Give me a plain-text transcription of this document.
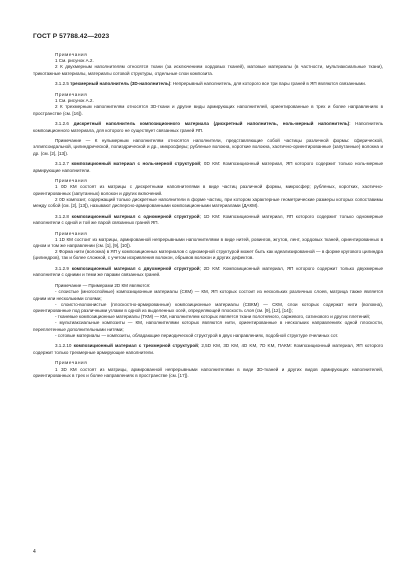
ГОСТ Р 57788.42—2023

Примечания

1 См. рисунок А.2.

2 К двухмерным наполнителям относятся ткани (за исключением хордовых тканей), матовые материалы (в частности, мультиаксиальные ткани), трикотажные материалы, материалы сотовой структуры, отдельные слои композита.

3.1.2.5 трехмерный наполнитель (3D-наполнитель): Непрерывный наполнитель, для которого все три пары граней в ЯП являются связанными.

Примечания

1 См. рисунок А.2.

2 К трехмерным наполнителям относятся 3D-ткани и другие виды армирующих наполнителей, ориентированные в трех и более направлениях в пространстве (см. [16]).

3.1.2.6 дискретный наполнитель композиционного материала (дискретный наполнитель, ноль-мерный наполнитель): Наполнитель композиционного материала, для которого не существует связанных граней ЯП.

Примечание — К нульмерным наполнителям относятся наполнители, представляющие собой частицы различной формы: сферической, эллипсоидальной, цилиндрической, полиэдрической и др., микросферы; рубленые волокна, короткие волокна, хаотично-ориентированные (запутанные) волокна и др. (см. [2], [13]).

3.1.2.7 композиционный материал с ноль-мерной структурой; 0D KM: Композиционный материал, ЯП которого содержит только ноль-мерные армирующие наполнители.

Примечания

1 0D КМ состоят из матрицы с дискретными наполнителями в виде частиц различной формы, микросфер; рубленых, коротких, хаотично-ориентированных (запутанных) волокон и других включений.

2 0D композит, содержащий только дискретные наполнители в форме частиц, при котором характерные геометрические размеры которых сопоставимы между собой (см. [2], [13]), называют дисперсно-армированными композиционными материалами (ДАКМ).

3.1.2.8 композиционный материал с одномерной структурой; 1D KM: Композиционный материал, ЯП которого содержит только одномерные наполнители с одной и той же парой связанных граней ЯП.

Примечания

1 1D КМ состоит из матрицы, армированной непрерывными наполнителями в виде нитей, ровингов, жгутов, лент, хордовых тканей, ориентированных в одном и том же направлении (см. [1], [9], [10]).

2 Форма нити (волокна) в ЯП у композиционных материалов с одномерной структурой может быть как идеализированной — в форме кругового цилиндра (цилиндров), так и более сложной, с учетом искривления волокон, обрывов волокон и других дефектов.

3.1.2.9 композиционный материал с двухмерной структурой; 2D KM: Композиционный материал, ЯП которого содержит только двухмерные наполнители с одними и теми же парами связанных граней.

Примечание — Примерами 2D КМ являются:

- слоистые (многослойные) композиционные материалы (СКМ) — КМ, ЯП которых состоит из нескольких различных слоев, матрица также является одним или несколькими слоями;

- слоисто-волокнистые (плоскостно-армированные) композиционные материалы (СВКМ) — СКМ, слои которых содержат нити (волокна), ориентированные под различными углами в одной из выделенных осей, определяющей плоскость слоя (см. [9], [12], [14]);

- тканевые композиционные материалы (ТКМ) — КМ, наполнителем которых является ткани полотняного, саржевого, сатинового и других плетений;

- мультиаксиальные композиты — КМ, наполнителями которых являются нити, ориентированные в нескольких направлениях одной плоскости, переплетенные дополнительными нитями;

- сотовые материалы — композиты, обладающие периодической структурой в двух направлениях, подобной структуре пчелиных сот.

3.1.2.10 композиционный материал с трехмерной структурой; 2,5D KM, 3D KM, 4D KM, 7D KM, ПАКМ: Композиционный материал, ЯП которого содержит только трехмерные армирующие наполнители.

Примечания

1 3D КМ состоят из матрицы, армированной непрерывными наполнителями в виде 3D-тканей и других видов армирующих наполнителей, ориентированных в трех и более направлениях в пространстве (см. [17]).

4
